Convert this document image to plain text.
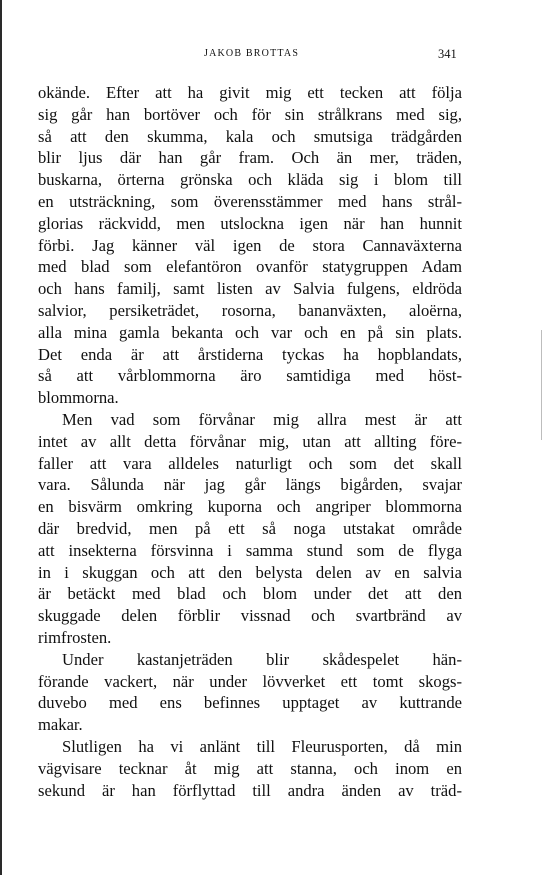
JAKOB BROTTAS	341
okände. Efter att ha givit mig ett tecken att följa
sig går han bortöver och för sin strålkrans med sig,
så att den skumma, kala och smutsiga trädgården
blir ljus där han går fram. Och än mer, träden,
buskarna, örterna grönska och kläda sig i blom till
en utsträckning, som överensstämmer med hans strål-
glorias räckvidd, men utslockna igen när han hunnit
förbi. Jag känner väl igen de stora Cannaväxterna
med blad som elefantöron ovanför statygruppen Adam
och hans familj, samt listen av Salvia fulgens, eldröda
salvior, persiketrädet, rosorna, bananväxten, aloërna,
alla mina gamla bekanta och var och en på sin plats.
Det enda är att årstiderna tyckas ha hopblandats,
så att vårblommorna äro samtidiga med höst-
blommorna.
Men vad som förvånar mig allra mest är att
intet av allt detta förvånar mig, utan att allting före-
faller att vara alldeles naturligt och som det skall
vara. Sålunda när jag går längs bigården, svajar
en bisvärm omkring kuporna och angriper blommorna
där bredvid, men på ett så noga utstakat område
att insekterna försvinna i samma stund som de flyga
in i skuggan och att den belysta delen av en salvia
är betäckt med blad och blom under det att den
skuggade delen förblir vissnad och svartbränd av
rimfrosten.
Under kastanjeträden blir skådespelet hän-
förande vackert, när under lövverket ett tomt skogs-
duvebo med ens befinnes upptaget av kuttrande
makar.
Slutligen ha vi anlänt till Fleurusporten, då min
vägvisare tecknar åt mig att stanna, och inom en
sekund är han förflyttad till andra änden av träd-
